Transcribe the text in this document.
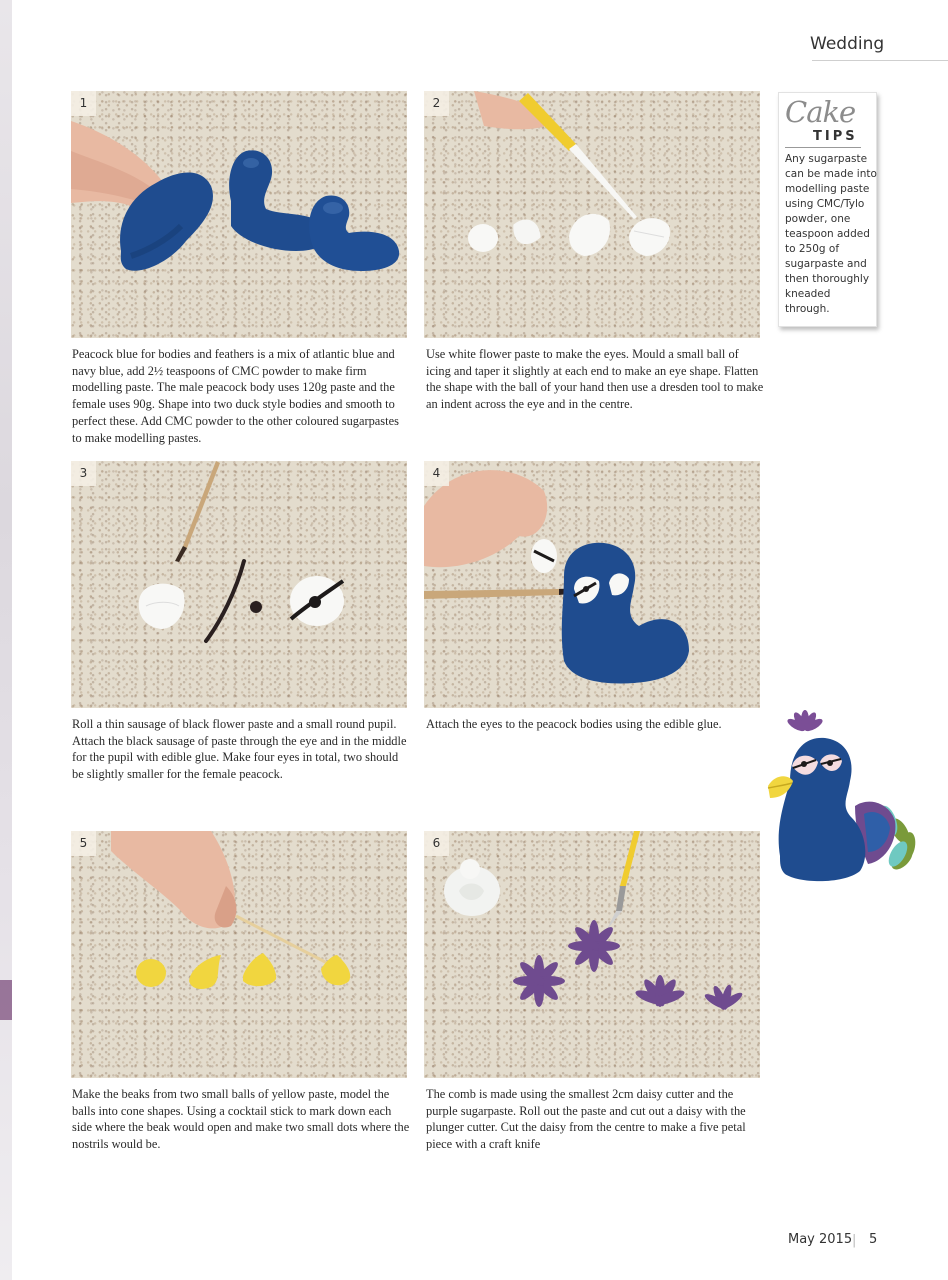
Wedding
1

Peacock blue for bodies and feathers is a mix of atlantic blue and navy blue, add 2½ teaspoons of CMC powder to make firm modelling paste. The male peacock body uses 120g paste and the female uses 90g. Shape into two duck style bodies and smooth to perfect these. Add CMC powder to the other coloured sugarpastes to make modelling pastes.

2

Use white flower paste to make the eyes. Mould a small ball of icing and taper it slightly at each end to make an eye shape. Flatten the shape with the ball of your hand then use a dresden tool to make an indent across the eye and in the centre.

3

Roll a thin sausage of black flower paste and a small round pupil. Attach the black sausage of paste through the eye and in the middle for the pupil with edible glue. Make four eyes in total, two should be slightly smaller for the female peacock.

4

Attach the eyes to the peacock bodies using the edible glue.

5

Make the beaks from two small balls of yellow paste, model the balls into cone shapes. Using a cocktail stick to mark down each side where the beak would open and make two small dots where the nostrils would be.

6

The comb is made using the smallest 2cm daisy cutter and the purple sugarpaste. Roll out the paste and cut out a daisy with the plunger cutter. Cut the daisy from the centre to make a five petal piece with a craft knife

Cake
TIPS

Any sugarpaste can be made into modelling paste using CMC/Tylo powder, one teaspoon added to 250g of sugarpaste and then thoroughly kneaded through.

May 2015 | 5
